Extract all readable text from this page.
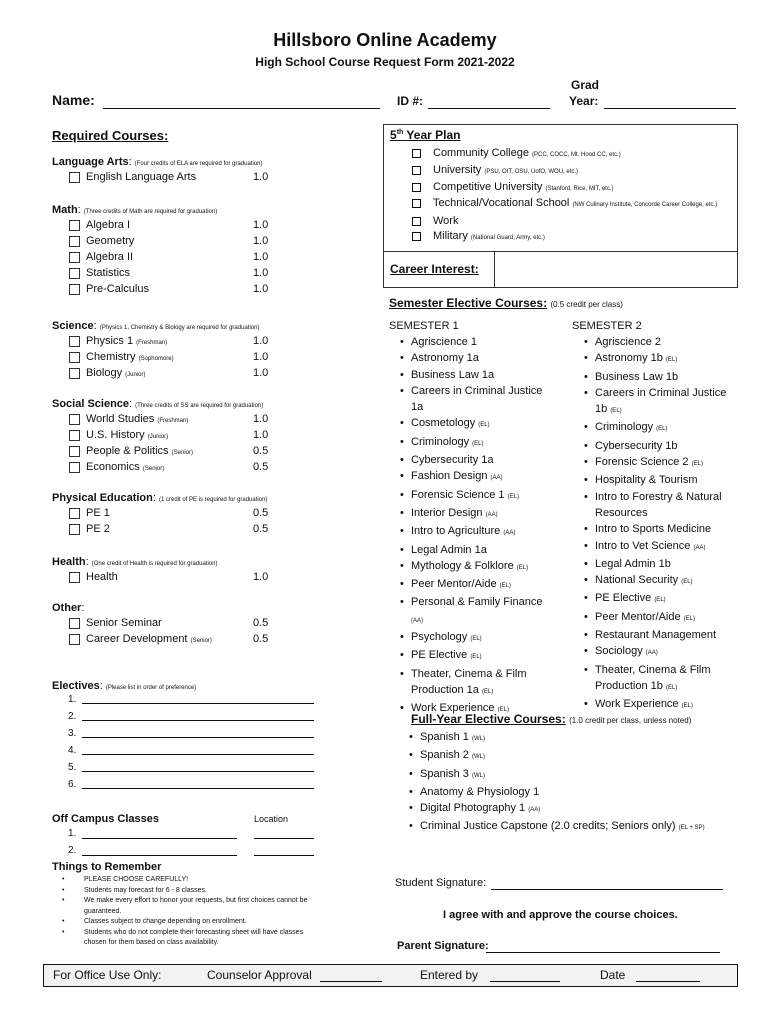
Hillsboro Online Academy
High School Course Request Form 2021-2022
Name:	ID #:
Grad
Year:
Required Courses:
Language Arts: (Four credits of ELA are required for graduation)
English Language Arts	1.0
Math: (Three credits of Math are required for graduation)
Algebra I	1.0
Geometry	1.0
Algebra II	1.0
Statistics	1.0
Pre-Calculus	1.0
Science: (Physics 1, Chemistry & Biology are required for graduation)
Physics 1 (Freshman)	1.0
Chemistry (Sophomore)	1.0
Biology (Junior)	1.0
Social Science: (Three credits of SS are required for graduation)
World Studies (Freshman)	1.0
U.S. History (Junior)	1.0
People & Politics (Senior)	0.5
Economics (Senior)	0.5
Physical Education: (1 credit of PE is required for graduation)
PE 1	0.5
PE 2	0.5
Health: (One credit of Health is required for graduation)
Health	1.0
Other:
Senior Seminar	0.5
Career Development (Senior)	0.5
Electives: (Please list in order of preference)
1.
2.
3.
4.
5.
6.
Off Campus Classes	Location
1.
2.
Things to Remember
• PLEASE CHOOSE CAREFULLY!
• Students may forecast for 6 - 8 classes.
• We make every effort to honor your requests, but first choices cannot be guaranteed.
• Classes subject to change depending on enrollment.
• Students who do not complete their forecasting sheet will have classes chosen for them based on class availability.
5th Year Plan
Community College (PCC, COCC, Mt. Hood CC, etc.)
University (PSU, OIT, OSU, UofO, WOU, etc.)
Competitive University (Stanford, Rice, MIT, etc.)
Technical/Vocational School (NW Culinary Institute, Concorde Career College, etc.)
Work
Military (National Guard, Army, etc.)
Career Interest:
Semester Elective Courses: (0.5 credit per class)
SEMESTER 1	SEMESTER 2
• Agriscience 1
• Astronomy 1a
• Business Law 1a
• Careers in Criminal Justice 1a
• Cosmetology (EL)
• Criminology (EL)
• Cybersecurity 1a
• Fashion Design (AA)
• Forensic Science 1 (EL)
• Interior Design (AA)
• Intro to Agriculture (AA)
• Legal Admin 1a
• Mythology & Folklore (EL)
• Peer Mentor/Aide (EL)
• Personal & Family Finance (AA)
• Psychology (EL)
• PE Elective (EL)
• Theater, Cinema & Film Production 1a (EL)
• Work Experience (EL)
• Agriscience 2
• Astronomy 1b (EL)
• Business Law 1b
• Careers in Criminal Justice 1b (EL)
• Criminology (EL)
• Cybersecurity 1b
• Forensic Science 2 (EL)
• Hospitality & Tourism
• Intro to Forestry & Natural Resources
• Intro to Sports Medicine
• Intro to Vet Science (AA)
• Legal Admin 1b
• National Security (EL)
• PE Elective (EL)
• Peer Mentor/Aide (EL)
• Restaurant Management
• Sociology (AA)
• Theater, Cinema & Film Production 1b (EL)
• Work Experience (EL)
Full-Year Elective Courses: (1.0 credit per class, unless noted)
• Spanish 1 (WL)
• Spanish 2 (WL)
• Spanish 3 (WL)
• Anatomy & Physiology 1
• Digital Photography 1 (AA)
• Criminal Justice Capstone (2.0 credits; Seniors only) (EL + SP)
Student Signature:
I agree with and approve the course choices.
Parent Signature:
For Office Use Only:	Counselor Approval	Entered by	Date
